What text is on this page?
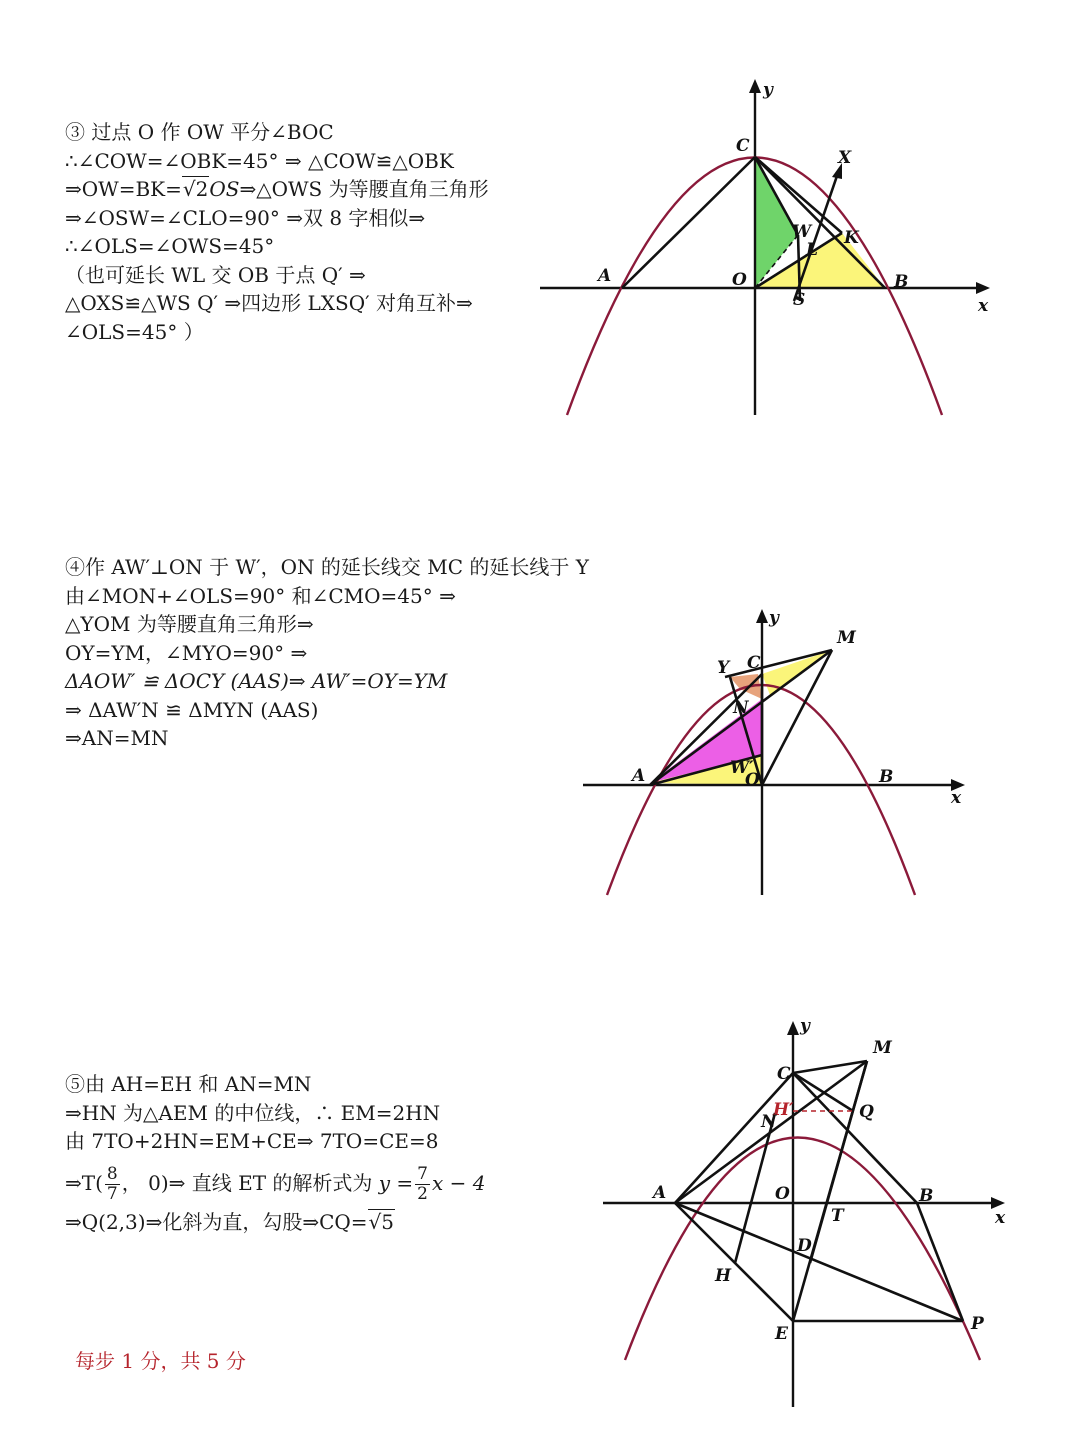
③ 过点 O 作 OW 平分∠BOC
∴∠COW=∠OBK=45° ⇒ △COW≌△OBK
⇒OW=BK=√2OS⇒△OWS 为等腰直角三角形
⇒∠OSW=∠CLO=90° ⇒双 8 字相似⇒
∴∠OLS=∠OWS=45°
（也可延长 WL 交 OB 于点 Q′ ⇒
△OXS≌△WS Q′ ⇒四边形 LXSQ′ 对角互补⇒
∠OLS=45° ）
④作 AW′⊥ON 于 W′，ON 的延长线交 MC 的延长线于 Y
由∠MON+∠OLS=90° 和∠CMO=45° ⇒
△YOM 为等腰直角三角形⇒
OY=YM，∠MYO=90° ⇒
ΔAOW′ ≌ ΔOCY (AAS)⇒ AW′=OY=YM
⇒ ΔAW′N ≌ ΔMYN (AAS)
⇒AN=MN
⑤由 AH=EH 和 AN=MN
⇒HN 为△AEM 的中位线，∴ EM=2HN
由 7TO+2HN=EM+CE⇒ 7TO=CE=8
⇒T( $\frac{8}{7}$ ， 0)⇒ 直线 ET 的解析式为 $y = \frac{7}{2}$ x − 4
⇒Q(2,3)⇒化斜为直，勾股⇒CQ=√5
每步 1 分，共 5 分
y
x
C
X
W
L
K
A	O	B
S
y
x
M
Y C
N
A	W′
O	B
y
x
M
C
H′
N	Q
A	O	B
T
D
H
E	P
